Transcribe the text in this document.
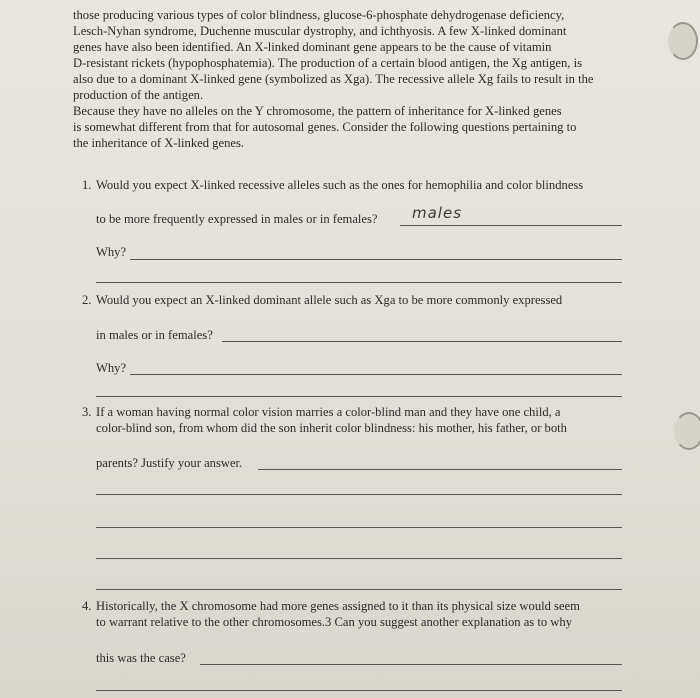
those producing various types of color blindness, glucose-6-phosphate dehydrogenase deficiency,
Lesch-Nyhan syndrome, Duchenne muscular dystrophy, and ichthyosis. A few X-linked dominant
genes have also been identified. An X-linked dominant gene appears to be the cause of vitamin
D-resistant rickets (hypophosphatemia). The production of a certain blood antigen, the Xg antigen, is
also due to a dominant X-linked gene (symbolized as Xga). The recessive allele Xg fails to result in the
production of the antigen.
Because they have no alleles on the Y chromosome, the pattern of inheritance for X-linked genes
is somewhat different from that for autosomal genes. Consider the following questions pertaining to
the inheritance of X-linked genes.
1. Would you expect X-linked recessive alleles such as the ones for hemophilia and color blindness
to be more frequently expressed in males or in females? males
Why?
2. Would you expect an X-linked dominant allele such as Xga to be more commonly expressed
in males or in females?
Why?
3. If a woman having normal color vision marries a color-blind man and they have one child, a
color-blind son, from whom did the son inherit color blindness: his mother, his father, or both
parents? Justify your answer.
4. Historically, the X chromosome had more genes assigned to it than its physical size would seem
to warrant relative to the other chromosomes.3 Can you suggest another explanation as to why
this was the case?
